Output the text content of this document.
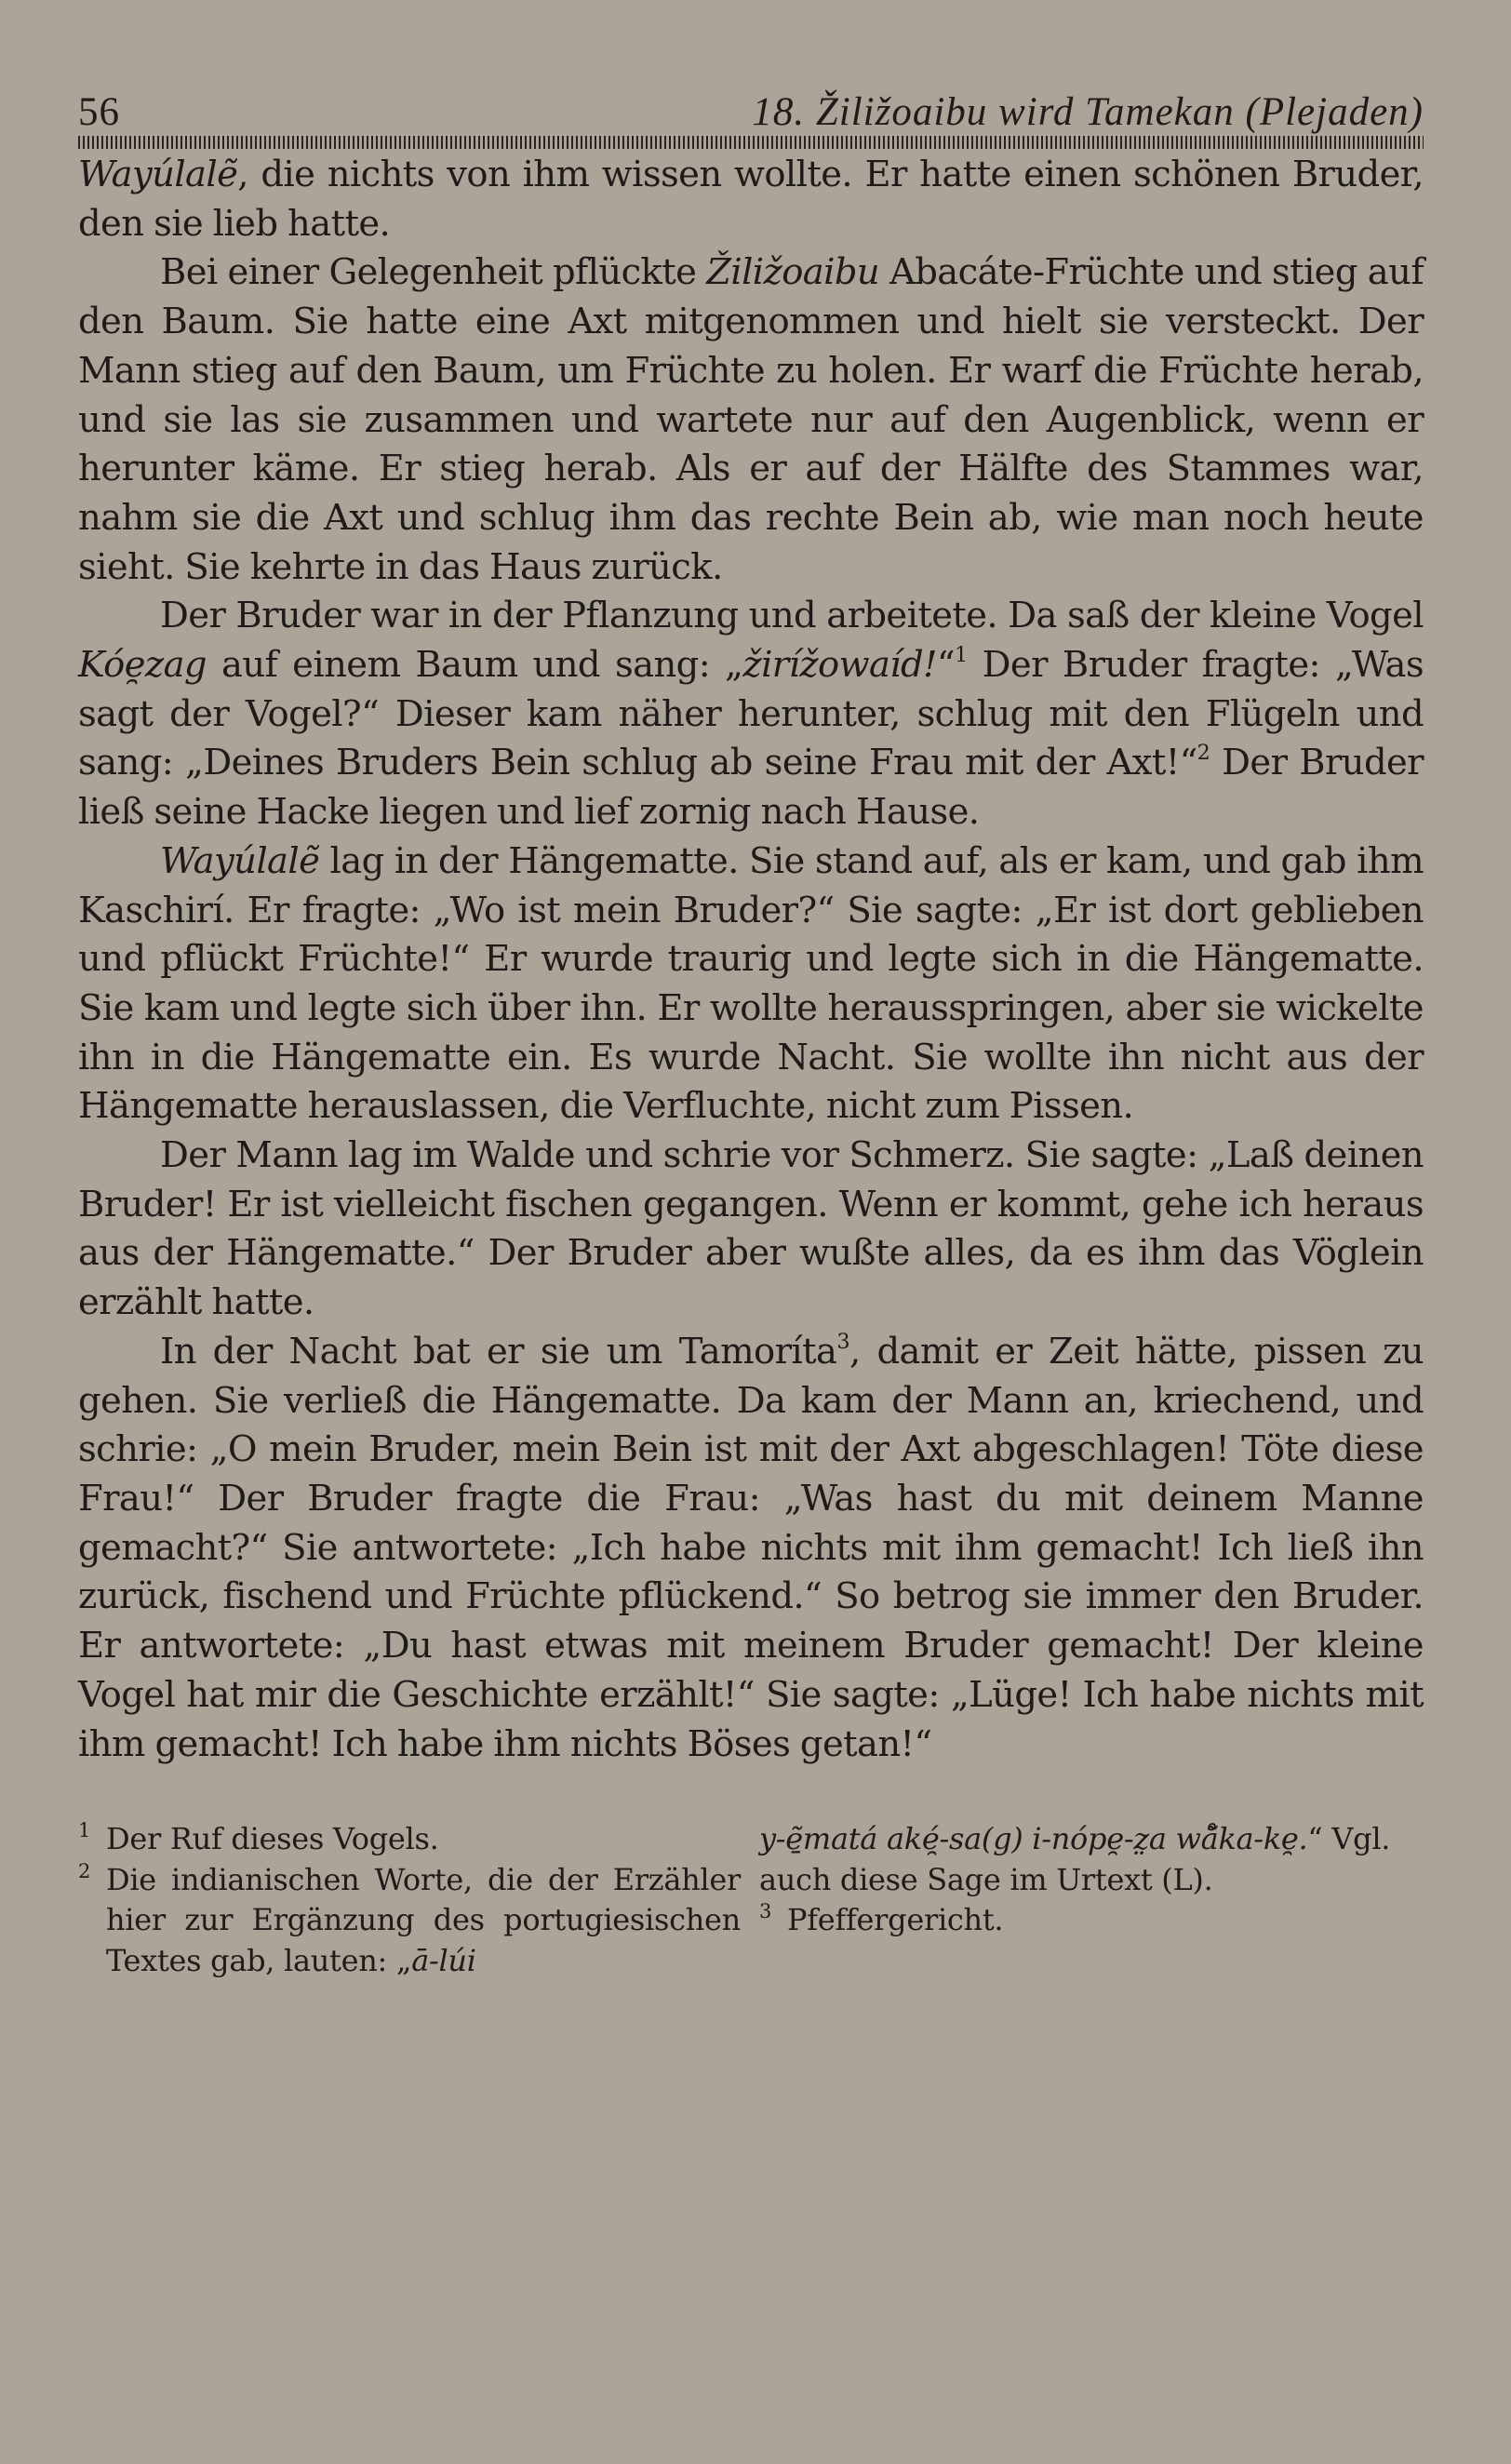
56	18. Žiližoaibu wird Tamekan (Plejaden)

Wayúlalẽ, die nichts von ihm wissen wollte. Er hatte einen schönen Bruder, den sie lieb hatte.

Bei einer Gelegenheit pflückte Žiližoaibu Abacáte-Früchte und stieg auf den Baum. Sie hatte eine Axt mitgenommen und hielt sie versteckt. Der Mann stieg auf den Baum, um Früchte zu holen. Er warf die Früchte herab, und sie las sie zusammen und wartete nur auf den Augenblick, wenn er herunter käme. Er stieg herab. Als er auf der Hälfte des Stammes war, nahm sie die Axt und schlug ihm das rechte Bein ab, wie man noch heute sieht. Sie kehrte in das Haus zurück.

Der Bruder war in der Pflanzung und arbeitete. Da saß der kleine Vogel Kóe̯zag auf einem Baum und sang: „žirížowaíd!“$^1$ Der Bruder fragte: „Was sagt der Vogel?“ Dieser kam näher herunter, schlug mit den Flügeln und sang: „Deines Bruders Bein schlug ab seine Frau mit der Axt!“$^2$ Der Bruder ließ seine Hacke liegen und lief zornig nach Hause.

Wayúlalẽ lag in der Hängematte. Sie stand auf, als er kam, und gab ihm Kaschirí. Er fragte: „Wo ist mein Bruder?“ Sie sagte: „Er ist dort geblieben und pflückt Früchte!“ Er wurde traurig und legte sich in die Hängematte. Sie kam und legte sich über ihn. Er wollte herausspringen, aber sie wickelte ihn in die Hängematte ein. Es wurde Nacht. Sie wollte ihn nicht aus der Hängematte herauslassen, die Verfluchte, nicht zum Pissen.

Der Mann lag im Walde und schrie vor Schmerz. Sie sagte: „Laß deinen Bruder! Er ist vielleicht fischen gegangen. Wenn er kommt, gehe ich heraus aus der Hängematte.“ Der Bruder aber wußte alles, da es ihm das Vöglein erzählt hatte.

In der Nacht bat er sie um Tamoríta$^3$, damit er Zeit hätte, pissen zu gehen. Sie verließ die Hängematte. Da kam der Mann an, kriechend, und schrie: „O mein Bruder, mein Bein ist mit der Axt abgeschlagen! Töte diese Frau!“ Der Bruder fragte die Frau: „Was hast du mit deinem Manne gemacht?“ Sie antwortete: „Ich habe nichts mit ihm gemacht! Ich ließ ihn zurück, fischend und Früchte pflückend.“ So betrog sie immer den Bruder. Er antwortete: „Du hast etwas mit meinem Bruder gemacht! Der kleine Vogel hat mir die Geschichte erzählt!“ Sie sagte: „Lüge! Ich habe nichts mit ihm gemacht! Ich habe ihm nichts Böses getan!“

1 Der Ruf dieses Vogels.
2 Die indianischen Worte, die der Erzähler hier zur Ergänzung des portugiesischen Textes gab, lauten: „ā-lúi
y-ẽ̱matá aké̯-sa(g) i-nópe̯-z̤a wå̃ka-ke̯.“ Vgl. auch diese Sage im Urtext (L).
3 Pfeffergericht.
